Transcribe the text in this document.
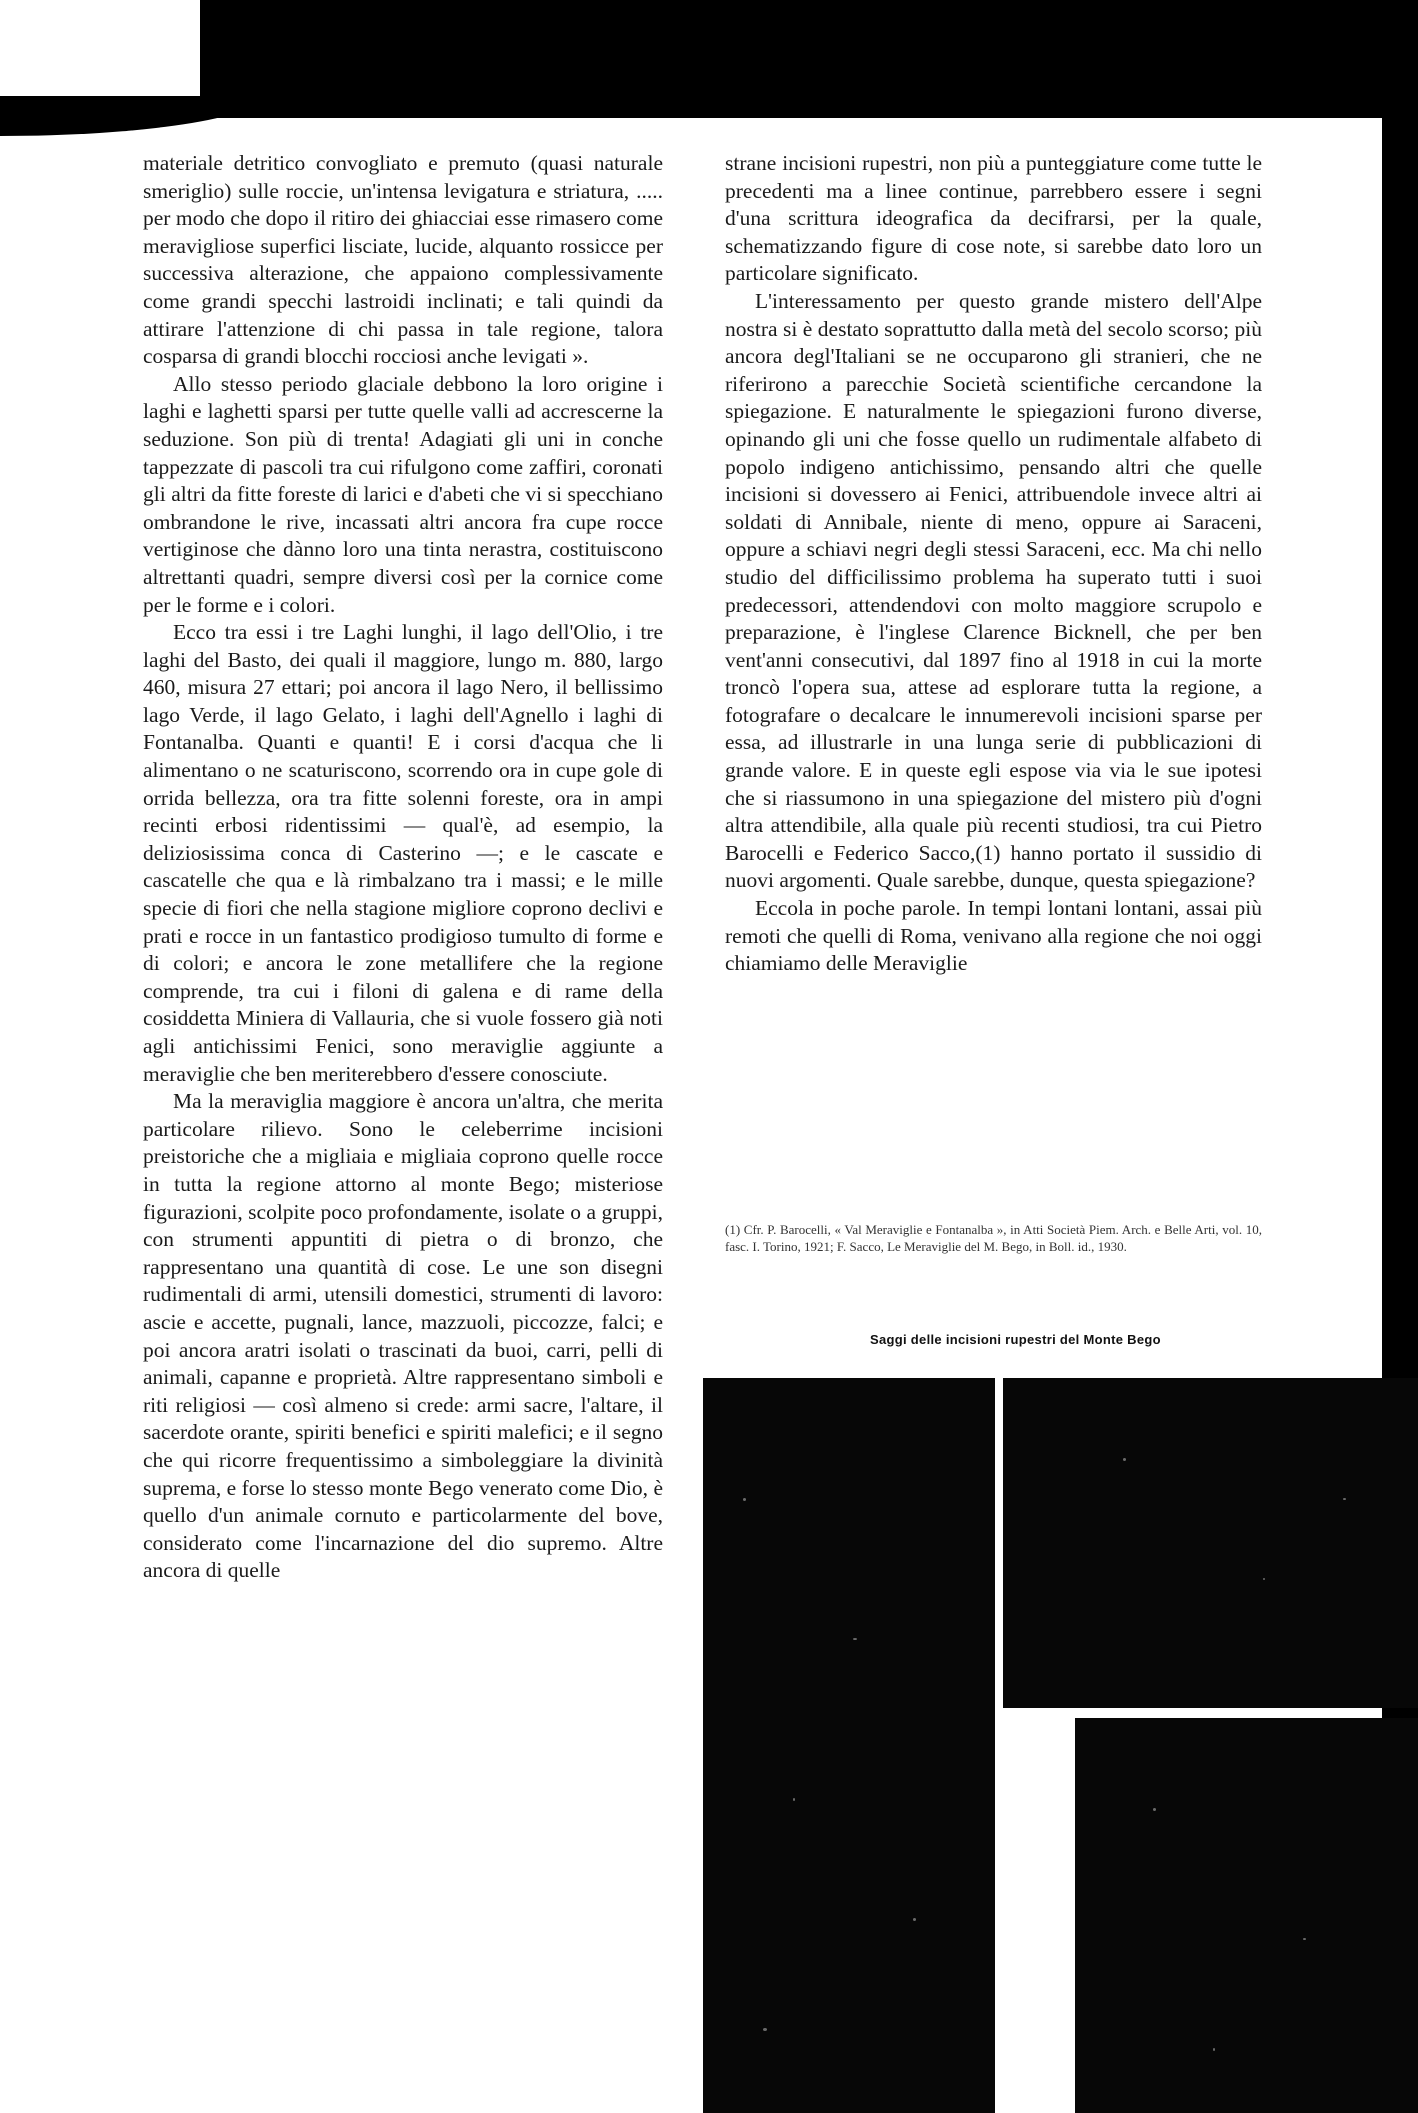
materiale detritico convogliato e premuto (quasi naturale smeriglio) sulle roccie, un'intensa levigatura e striatura, ..... per modo che dopo il ritiro dei ghiacciai esse rimasero come meravigliose superfici lisciate, lucide, alquanto rossicce per successiva alterazione, che appaiono complessivamente come grandi specchi lastroidi inclinati; e tali quindi da attirare l'attenzione di chi passa in tale regione, talora cosparsa di grandi blocchi rocciosi anche levigati ».

Allo stesso periodo glaciale debbono la loro origine i laghi e laghetti sparsi per tutte quelle valli ad accrescerne la seduzione. Son più di trenta! Adagiati gli uni in conche tappezzate di pascoli tra cui rifulgono come zaffiri, coronati gli altri da fitte foreste di larici e d'abeti che vi si specchiano ombrandone le rive, incassati altri ancora fra cupe rocce vertiginose che dànno loro una tinta nerastra, costituiscono altrettanti quadri, sempre diversi così per la cornice come per le forme e i colori.

Ecco tra essi i tre Laghi lunghi, il lago dell'Olio, i tre laghi del Basto, dei quali il maggiore, lungo m. 880, largo 460, misura 27 ettari; poi ancora il lago Nero, il bellissimo lago Verde, il lago Gelato, i laghi dell'Agnello i laghi di Fontanalba. Quanti e quanti! E i corsi d'acqua che li alimentano o ne scaturiscono, scorrendo ora in cupe gole di orrida bellezza, ora tra fitte solenni foreste, ora in ampi recinti erbosi ridentissimi — qual'è, ad esempio, la deliziosissima conca di Casterino —; e le cascate e cascatelle che qua e là rimbalzano tra i massi; e le mille specie di fiori che nella stagione migliore coprono declivi e prati e rocce in un fantastico prodigioso tumulto di forme e di colori; e ancora le zone metallifere che la regione comprende, tra cui i filoni di galena e di rame della cosiddetta Miniera di Vallauria, che si vuole fossero già noti agli antichissimi Fenici, sono meraviglie aggiunte a meraviglie che ben meriterebbero d'essere conosciute.

Ma la meraviglia maggiore è ancora un'altra, che merita particolare rilievo. Sono le celeberrime incisioni preistoriche che a migliaia e migliaia coprono quelle rocce in tutta la regione attorno al monte Bego; misteriose figurazioni, scolpite poco profondamente, isolate o a gruppi, con strumenti appuntiti di pietra o di bronzo, che rappresentano una quantità di cose. Le une son disegni rudimentali di armi, utensili domestici, strumenti di lavoro: ascie e accette, pugnali, lance, mazzuoli, piccozze, falci; e poi ancora aratri isolati o trascinati da buoi, carri, pelli di animali, capanne e proprietà. Altre rappresentano simboli e riti religiosi — così almeno si crede: armi sacre, l'altare, il sacerdote orante, spiriti benefici e spiriti malefici; e il segno che qui ricorre frequentissimo a simboleggiare la divinità suprema, e forse lo stesso monte Bego venerato come Dio, è quello d'un animale cornuto e particolarmente del bove, considerato come l'incarnazione del dio supremo. Altre ancora di quelle

strane incisioni rupestri, non più a punteggiature come tutte le precedenti ma a linee continue, parrebbero essere i segni d'una scrittura ideografica da decifrarsi, per la quale, schematizzando figure di cose note, si sarebbe dato loro un particolare significato.

L'interessamento per questo grande mistero dell'Alpe nostra si è destato soprattutto dalla metà del secolo scorso; più ancora degl'Italiani se ne occuparono gli stranieri, che ne riferirono a parecchie Società scientifiche cercandone la spiegazione. E naturalmente le spiegazioni furono diverse, opinando gli uni che fosse quello un rudimentale alfabeto di popolo indigeno antichissimo, pensando altri che quelle incisioni si dovessero ai Fenici, attribuendole invece altri ai soldati di Annibale, niente di meno, oppure ai Saraceni, oppure a schiavi negri degli stessi Saraceni, ecc. Ma chi nello studio del difficilissimo problema ha superato tutti i suoi predecessori, attendendovi con molto maggiore scrupolo e preparazione, è l'inglese Clarence Bicknell, che per ben vent'anni consecutivi, dal 1897 fino al 1918 in cui la morte troncò l'opera sua, attese ad esplorare tutta la regione, a fotografare o decalcare le innumerevoli incisioni sparse per essa, ad illustrarle in una lunga serie di pubblicazioni di grande valore. E in queste egli espose via via le sue ipotesi che si riassumono in una spiegazione del mistero più d'ogni altra attendibile, alla quale più recenti studiosi, tra cui Pietro Barocelli e Federico Sacco,(1) hanno portato il sussidio di nuovi argomenti. Quale sarebbe, dunque, questa spiegazione?

Eccola in poche parole. In tempi lontani lontani, assai più remoti che quelli di Roma, venivano alla regione che noi oggi chiamiamo delle Meraviglie

(1) Cfr. P. Barocelli, « Val Meraviglie e Fontanalba », in Atti Società Piem. Arch. e Belle Arti, vol. 10, fasc. I. Torino, 1921; F. Sacco, Le Meraviglie del M. Bego, in Boll. id., 1930.
Saggi delle incisioni rupestri del Monte Bego
